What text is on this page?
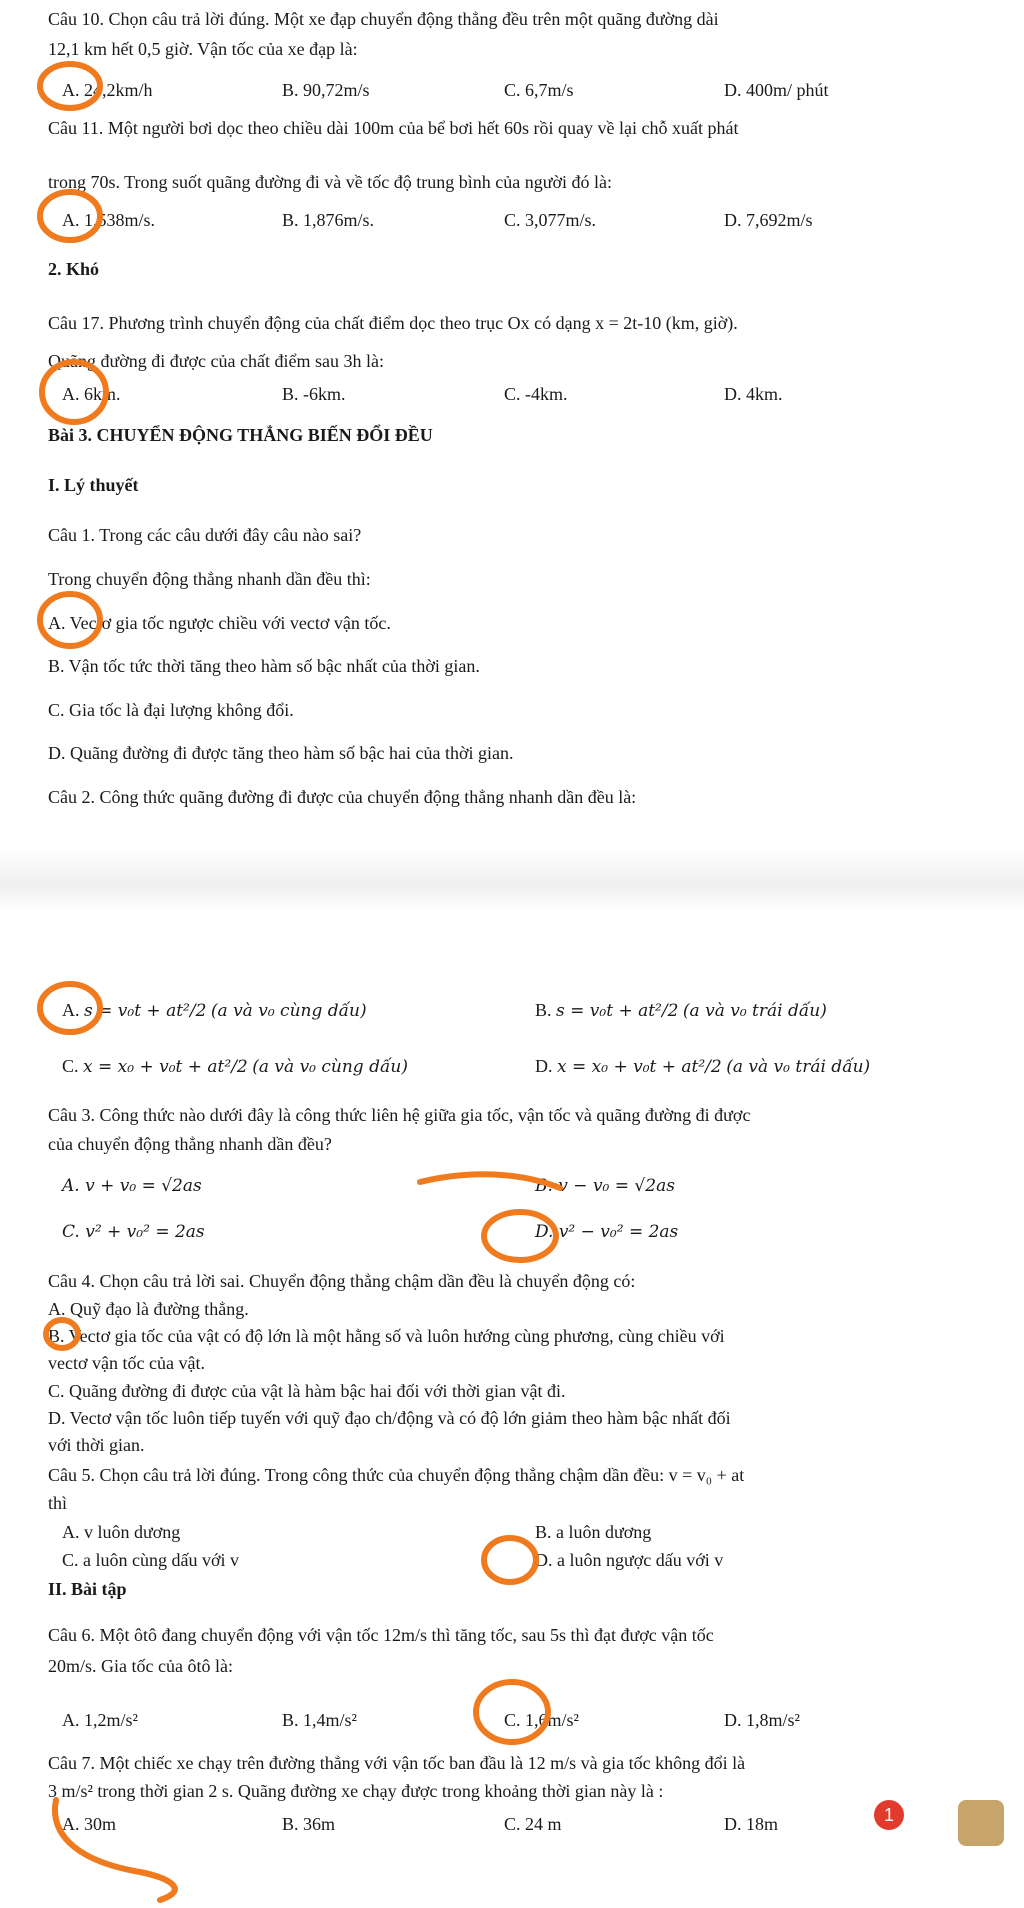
Câu 10. Chọn câu trả lời đúng. Một xe đạp chuyển động thẳng đều trên một quãng đường dài
12,1 km hết 0,5 giờ. Vận tốc của xe đạp là:
A. 24,2km/h	B. 90,72m/s	C. 6,7m/s	D. 400m/ phút
Câu 11. Một người bơi dọc theo chiều dài 100m của bể bơi hết 60s rồi quay về lại chỗ xuất phát
trong 70s. Trong suốt quãng đường đi và về tốc độ trung bình của người đó là:
A. 1,538m/s.	B. 1,876m/s.	C. 3,077m/s.	D. 7,692m/s
2. Khó
Câu 17. Phương trình chuyển động của chất điểm dọc theo trục Ox có dạng x = 2t-10 (km, giờ).
Quãng đường đi được của chất điểm sau 3h là:
A. 6km.	B. -6km.	C. -4km.	D. 4km.
Bài 3. CHUYỂN ĐỘNG THẲNG BIẾN ĐỔI ĐỀU
I. Lý thuyết
Câu 1. Trong các câu dưới đây câu nào sai?
Trong chuyển động thẳng nhanh dần đều thì:
A. Vectơ gia tốc ngược chiều với vectơ vận tốc.
B. Vận tốc tức thời tăng theo hàm số bậc nhất của thời gian.
C. Gia tốc là đại lượng không đổi.
D. Quãng đường đi được tăng theo hàm số bậc hai của thời gian.
Câu 2. Công thức quãng đường đi được của chuyển động thẳng nhanh dần đều là:
A. s = v₀t + at²/2 (a và v₀ cùng dấu)	B. s = v₀t + at²/2 (a và v₀ trái dấu)
C. x = x₀ + v₀t + at²/2 (a và v₀ cùng dấu)	D. x = x₀ + v₀t + at²/2 (a và v₀ trái dấu)
Câu 3. Công thức nào dưới đây là công thức liên hệ giữa gia tốc, vận tốc và quãng đường đi được
của chuyển động thẳng nhanh dần đều?
A. v + v₀ = √2as	B. v − v₀ = √2as
C. v² + v₀² = 2as	D. v² − v₀² = 2as
Câu 4. Chọn câu trả lời sai. Chuyển động thẳng chậm dần đều là chuyển động có:
A. Quỹ đạo là đường thẳng.
B. Vectơ gia tốc của vật có độ lớn là một hằng số và luôn hướng cùng phương, cùng chiều với
vectơ vận tốc của vật.
C. Quãng đường đi được của vật là hàm bậc hai đối với thời gian vật đi.
D. Vectơ vận tốc luôn tiếp tuyến với quỹ đạo ch/động và có độ lớn giảm theo hàm bậc nhất đối
với thời gian.
Câu 5. Chọn câu trả lời đúng. Trong công thức của chuyển động thẳng chậm dần đều: v = v₀ + at
thì
A. v luôn dương	B. a luôn dương
C. a luôn cùng dấu với v	D. a luôn ngược dấu với v
II. Bài tập
Câu 6. Một ôtô đang chuyển động với vận tốc 12m/s thì tăng tốc, sau 5s thì đạt được vận tốc
20m/s. Gia tốc của ôtô là:
A. 1,2m/s²	B. 1,4m/s²	C. 1,6m/s²	D. 1,8m/s²
Câu 7. Một chiếc xe chạy trên đường thẳng với vận tốc ban đầu là 12 m/s và gia tốc không đổi là
3 m/s² trong thời gian 2 s. Quãng đường xe chạy được trong khoảng thời gian này là :
A. 30m	B. 36m	C. 24 m	D. 18m	1
